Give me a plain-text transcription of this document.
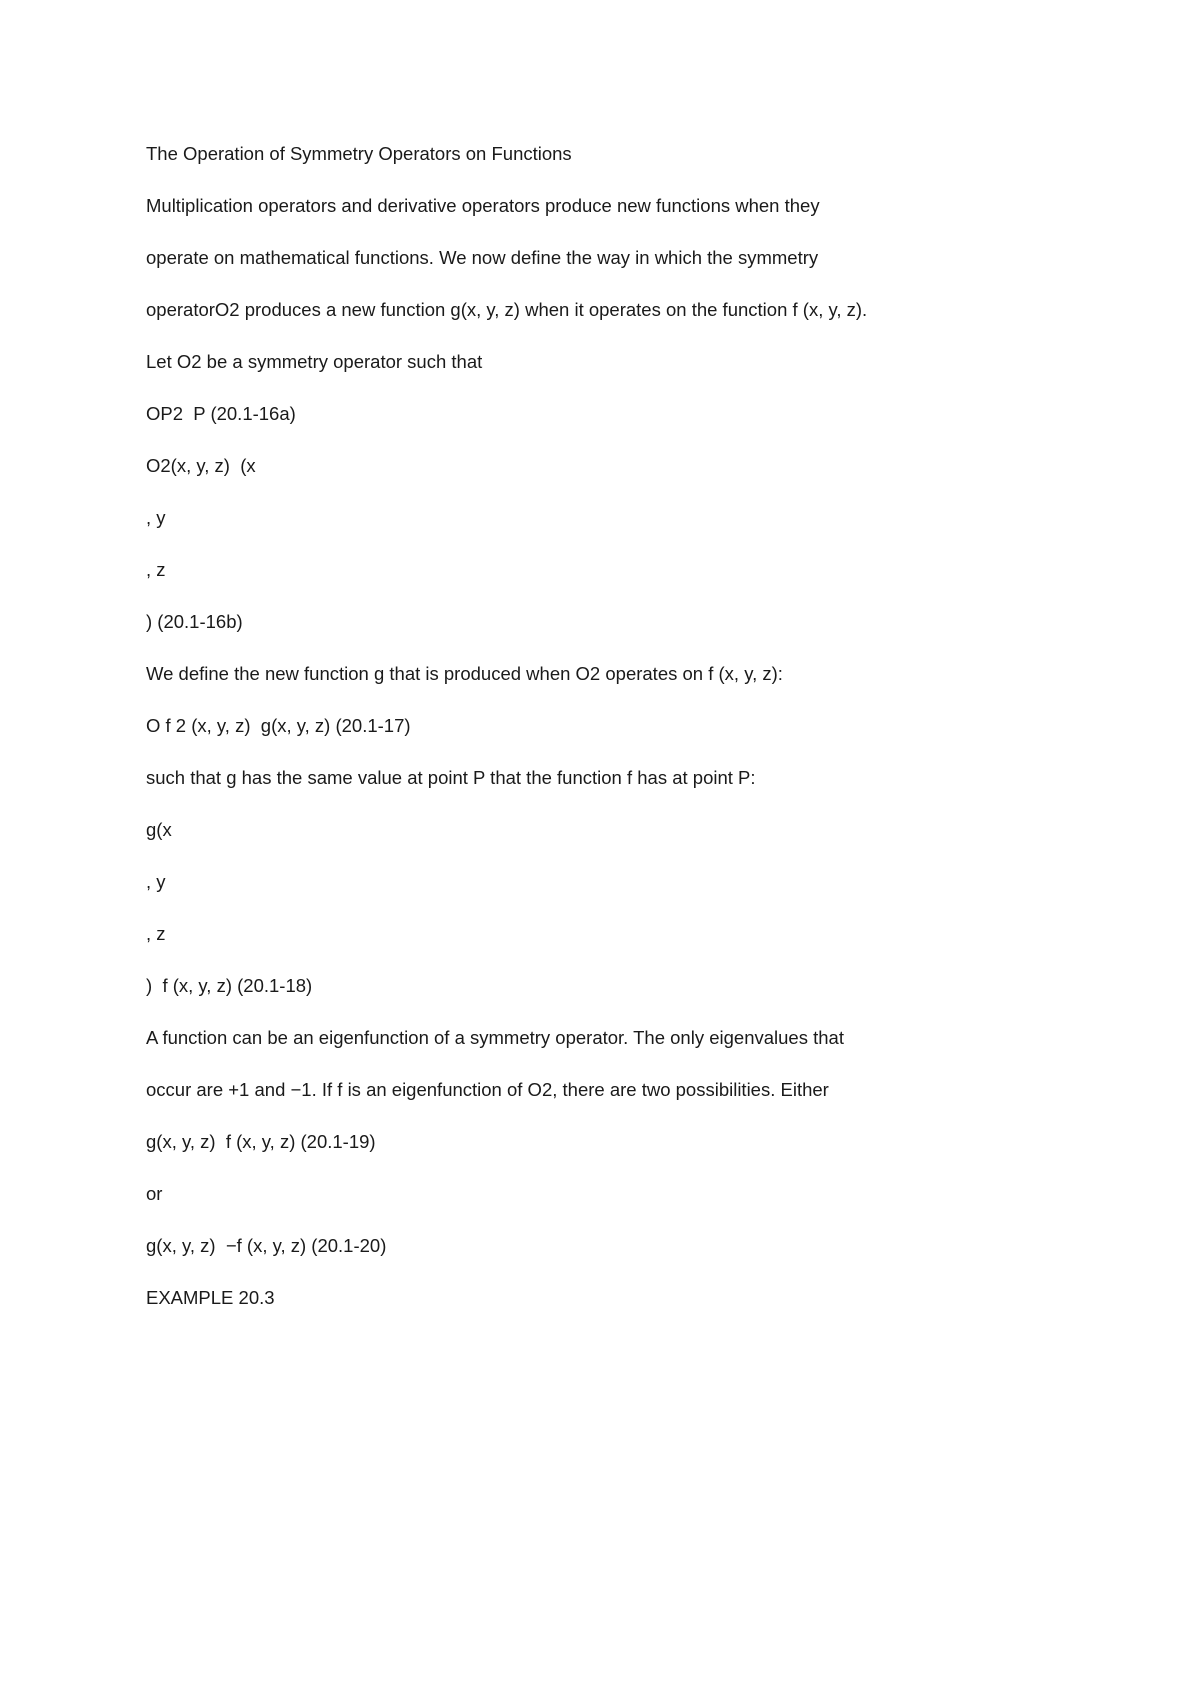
The Operation of Symmetry Operators on Functions
Multiplication operators and derivative operators produce new functions when they
operate on mathematical functions. We now define the way in which the symmetry
operatorO2 produces a new function g(x, y, z) when it operates on the function f (x, y, z).
Let O2 be a symmetry operator such that
OP2  P (20.1-16a)
O2(x, y, z)  (x
, y
, z
) (20.1-16b)
We define the new function g that is produced when O2 operates on f (x, y, z):
O f 2 (x, y, z)  g(x, y, z) (20.1-17)
such that g has the same value at point P that the function f has at point P:
g(x
, y
, z
)  f (x, y, z) (20.1-18)
A function can be an eigenfunction of a symmetry operator. The only eigenvalues that
occur are +1 and −1. If f is an eigenfunction of O2, there are two possibilities. Either
g(x, y, z)  f (x, y, z) (20.1-19)
or
g(x, y, z)  −f (x, y, z) (20.1-20)
EXAMPLE 20.3
